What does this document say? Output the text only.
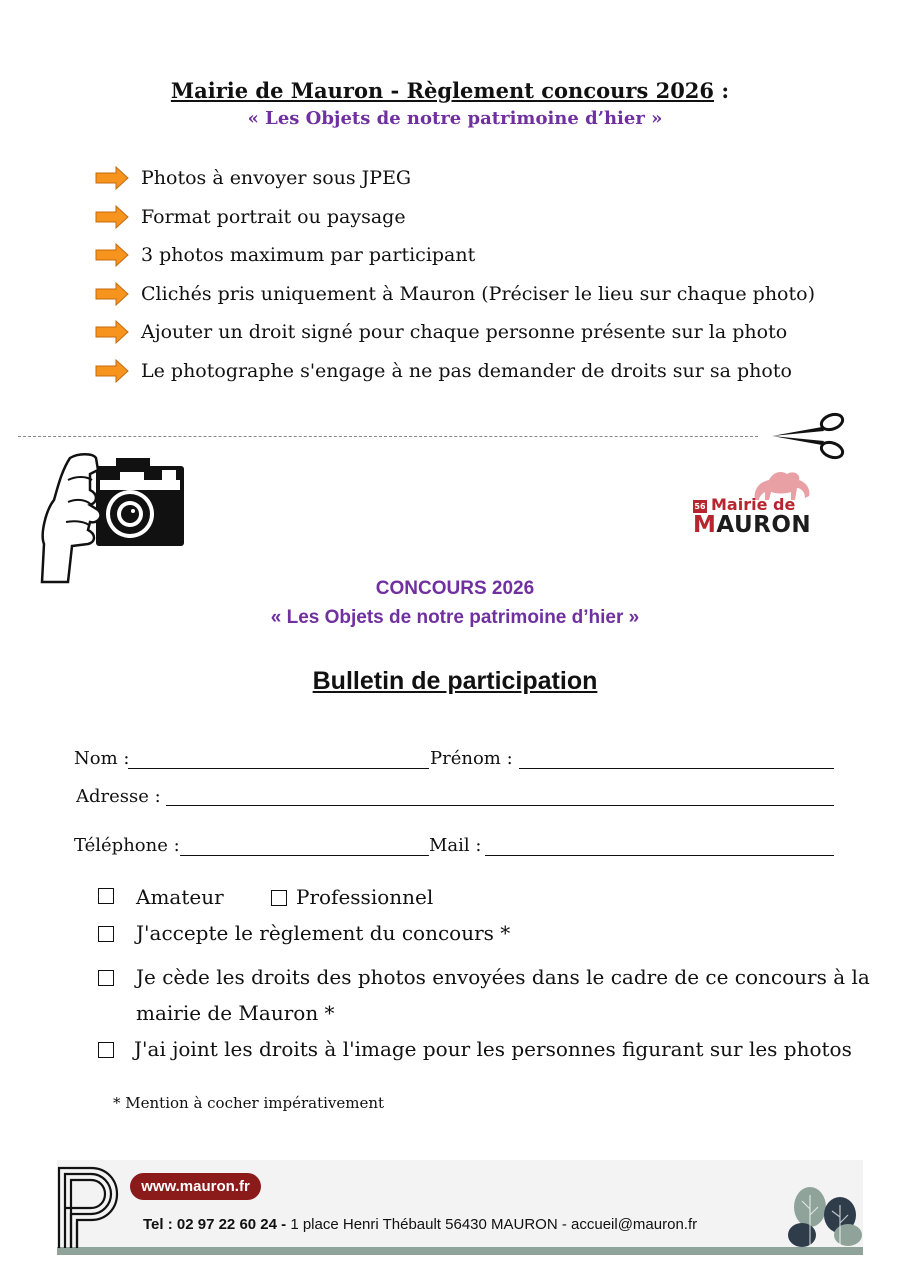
Mairie de Mauron - Règlement concours 2026 :
« Les Objets de notre patrimoine d’hier »
Photos à envoyer sous JPEG
Format portrait ou paysage
3 photos maximum par participant
Clichés pris uniquement à Mauron (Préciser le lieu sur chaque photo)
Ajouter un droit signé pour chaque personne présente sur la photo
Le photographe s'engage à ne pas demander de droits sur sa photo
56 Mairie de
MAURON
CONCOURS 2026
« Les Objets de notre patrimoine d’hier »
Bulletin de participation
Nom :	Prénom :
Adresse :
Téléphone :	Mail :
Amateur	Professionnel
J'accepte le règlement du concours *
Je cède les droits des photos envoyées dans le cadre de ce concours à la
mairie de Mauron *
J'ai joint les droits à l'image pour les personnes figurant sur les photos
* Mention à cocher impérativement
www.mauron.fr
Tel : 02 97 22 60 24 - 1 place Henri Thébault 56430 MAURON - accueil@mauron.fr
